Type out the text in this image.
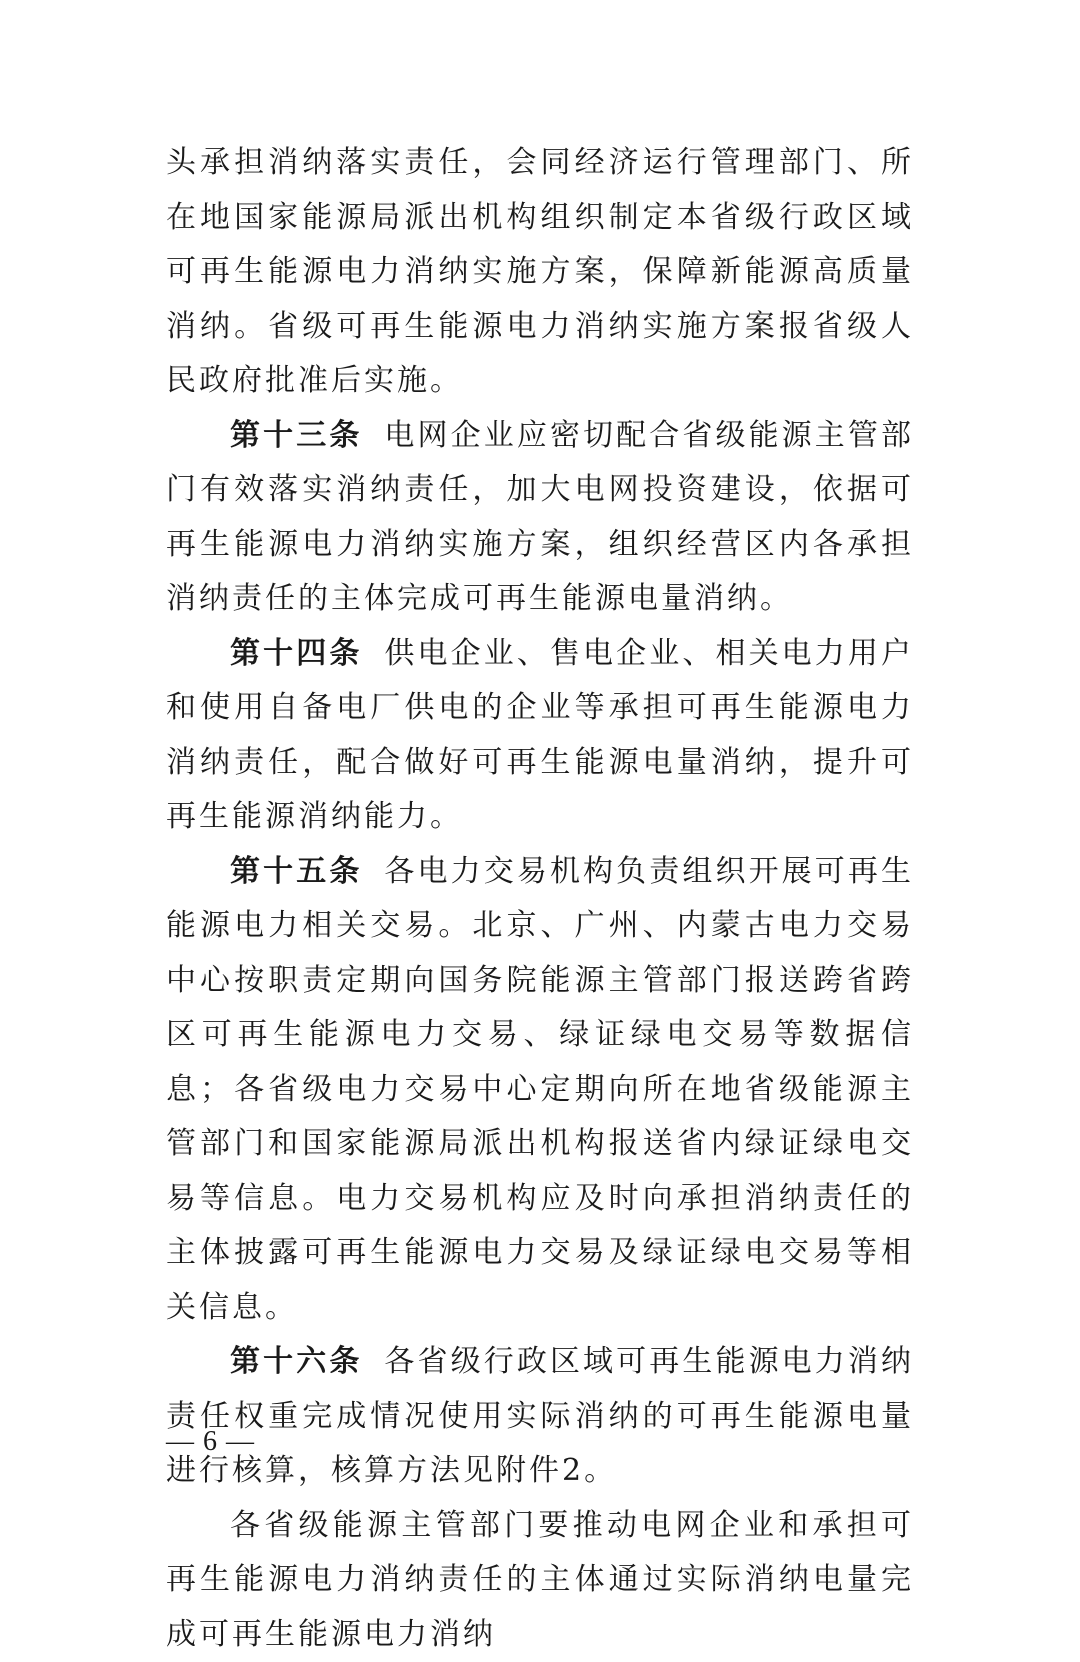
头承担消纳落实责任，会同经济运行管理部门、所在地国家能源局派出机构组织制定本省级行政区域可再生能源电力消纳实施方案，保障新能源高质量消纳。省级可再生能源电力消纳实施方案报省级人民政府批准后实施。

第十三条 电网企业应密切配合省级能源主管部门有效落实消纳责任，加大电网投资建设，依据可再生能源电力消纳实施方案，组织经营区内各承担消纳责任的主体完成可再生能源电量消纳。

第十四条 供电企业、售电企业、相关电力用户和使用自备电厂供电的企业等承担可再生能源电力消纳责任，配合做好可再生能源电量消纳，提升可再生能源消纳能力。

第十五条 各电力交易机构负责组织开展可再生能源电力相关交易。北京、广州、内蒙古电力交易中心按职责定期向国务院能源主管部门报送跨省跨区可再生能源电力交易、绿证绿电交易等数据信息；各省级电力交易中心定期向所在地省级能源主管部门和国家能源局派出机构报送省内绿证绿电交易等信息。电力交易机构应及时向承担消纳责任的主体披露可再生能源电力交易及绿证绿电交易等相关信息。

第十六条 各省级行政区域可再生能源电力消纳责任权重完成情况使用实际消纳的可再生能源电量进行核算，核算方法见附件2。

各省级能源主管部门要推动电网企业和承担可再生能源电力消纳责任的主体通过实际消纳电量完成可再生能源电力消纳

— 6 —
